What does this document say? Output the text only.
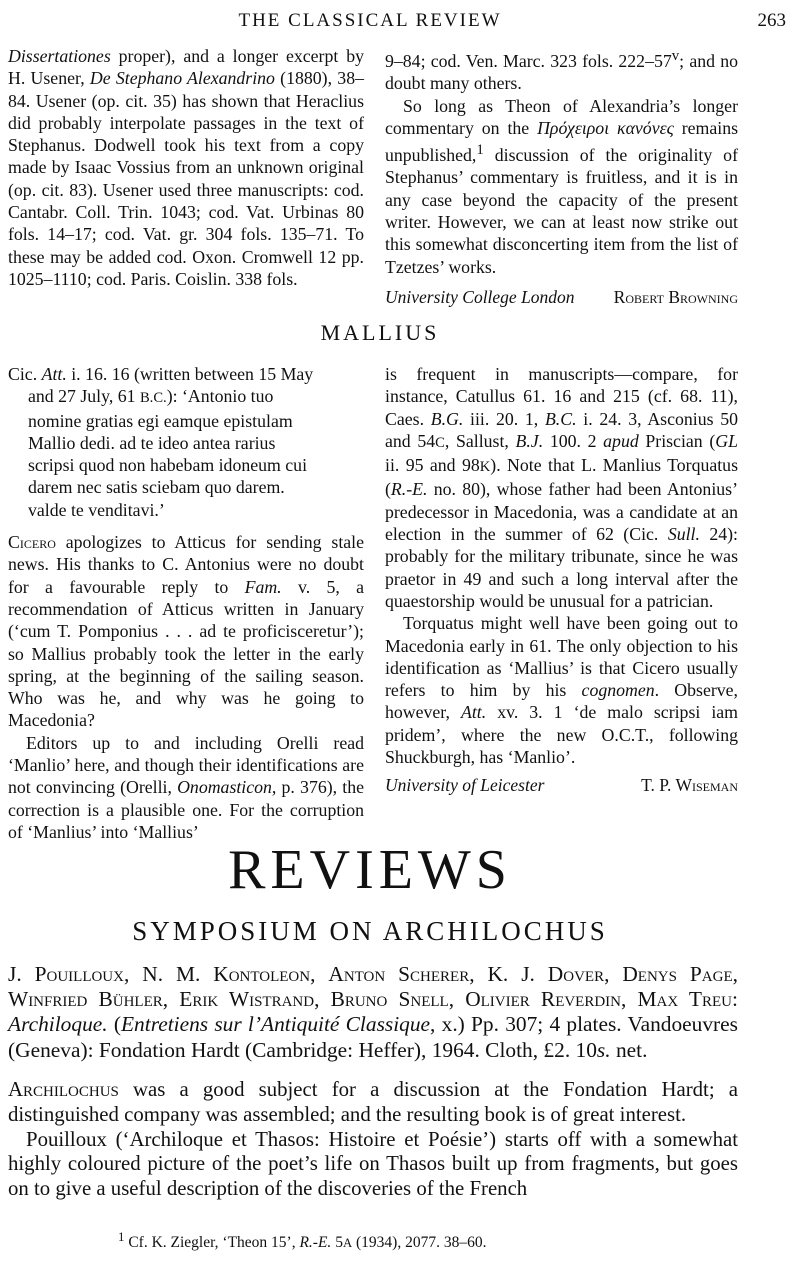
THE CLASSICAL REVIEW	263

Dissertationes proper), and a longer excerpt by H. Usener, De Stephano Alexandrino (1880), 38–84. Usener (op. cit. 35) has shown that Heraclius did probably interpolate passages in the text of Stephanus. Dodwell took his text from a copy made by Isaac Vossius from an unknown original (op. cit. 83). Usener used three manuscripts: cod. Cantabr. Coll. Trin. 1043; cod. Vat. Urbinas 80 fols. 14–17; cod. Vat. gr. 304 fols. 135–71. To these may be added cod. Oxon. Cromwell 12 pp. 1025–1110; cod. Paris. Coislin. 338 fols.

9–84; cod. Ven. Marc. 323 fols. 222–57$^v$; and no doubt many others.

So long as Theon of Alexandria’s longer commentary on the Πρόχειροι κανόνες remains unpublished,$^1$ discussion of the originality of Stephanus’ commentary is fruitless, and it is in any case beyond the capacity of the present writer. However, we can at least now strike out this somewhat disconcerting item from the list of Tzetzes’ works.

University College London Robert Browning
MALLIUS
Cic. Att. i. 16. 16 (written between 15 May
and 27 July, 61 B.C.): ‘Antonio tuo
nomine gratias egi eamque epistulam
Mallio dedi. ad te ideo antea rarius
scripsi quod non habebam idoneum cui
darem nec satis sciebam quo darem.
valde te venditavi.’

Cicero apologizes to Atticus for sending stale news. His thanks to C. Antonius were no doubt for a favourable reply to Fam. v. 5, a recommendation of Atticus written in January (‘cum T. Pomponius . . . ad te proficisceretur’); so Mallius probably took the letter in the early spring, at the beginning of the sailing season. Who was he, and why was he going to Macedonia?

Editors up to and including Orelli read ‘Manlio’ here, and though their identifications are not convincing (Orelli, Onomasticon, p. 376), the correction is a plausible one. For the corruption of ‘Manlius’ into ‘Mallius’

is frequent in manuscripts—compare, for instance, Catullus 61. 16 and 215 (cf. 68. 11), Caes. B.G. iii. 20. 1, B.C. i. 24. 3, Asconius 50 and 54C, Sallust, B.J. 100. 2 apud Priscian (GL ii. 95 and 98K). Note that L. Manlius Torquatus (R.-E. no. 80), whose father had been Antonius’ predecessor in Macedonia, was a candidate at an election in the summer of 62 (Cic. Sull. 24): probably for the military tribunate, since he was praetor in 49 and such a long interval after the quaestorship would be unusual for a patrician.

Torquatus might well have been going out to Macedonia early in 61. The only objection to his identification as ‘Mallius’ is that Cicero usually refers to him by his cognomen. Observe, however, Att. xv. 3. 1 ‘de malo scripsi iam pridem’, where the new O.C.T., following Shuckburgh, has ‘Manlio’.

University of Leicester	T. P. Wiseman
REVIEWS
SYMPOSIUM ON ARCHILOCHUS
J. Pouilloux, N. M. Kontoleon, Anton Scherer, K. J. Dover, Denys Page, Winfried Bühler, Erik Wistrand, Bruno Snell, Olivier Reverdin, Max Treu: Archiloque. (Entretiens sur l’Antiquité Classique, x.) Pp. 307; 4 plates. Vandoeuvres (Geneva): Fondation Hardt (Cambridge: Heffer), 1964. Cloth, £2. 10s. net.

Archilochus was a good subject for a discussion at the Fondation Hardt; a distinguished company was assembled; and the resulting book is of great interest.

Pouilloux (‘Archiloque et Thasos: Histoire et Poésie’) starts off with a somewhat highly coloured picture of the poet’s life on Thasos built up from fragments, but goes on to give a useful description of the discoveries of the French

$^1$ Cf. K. Ziegler, ‘Theon 15’, R.-E. 5A (1934), 2077. 38–60.
